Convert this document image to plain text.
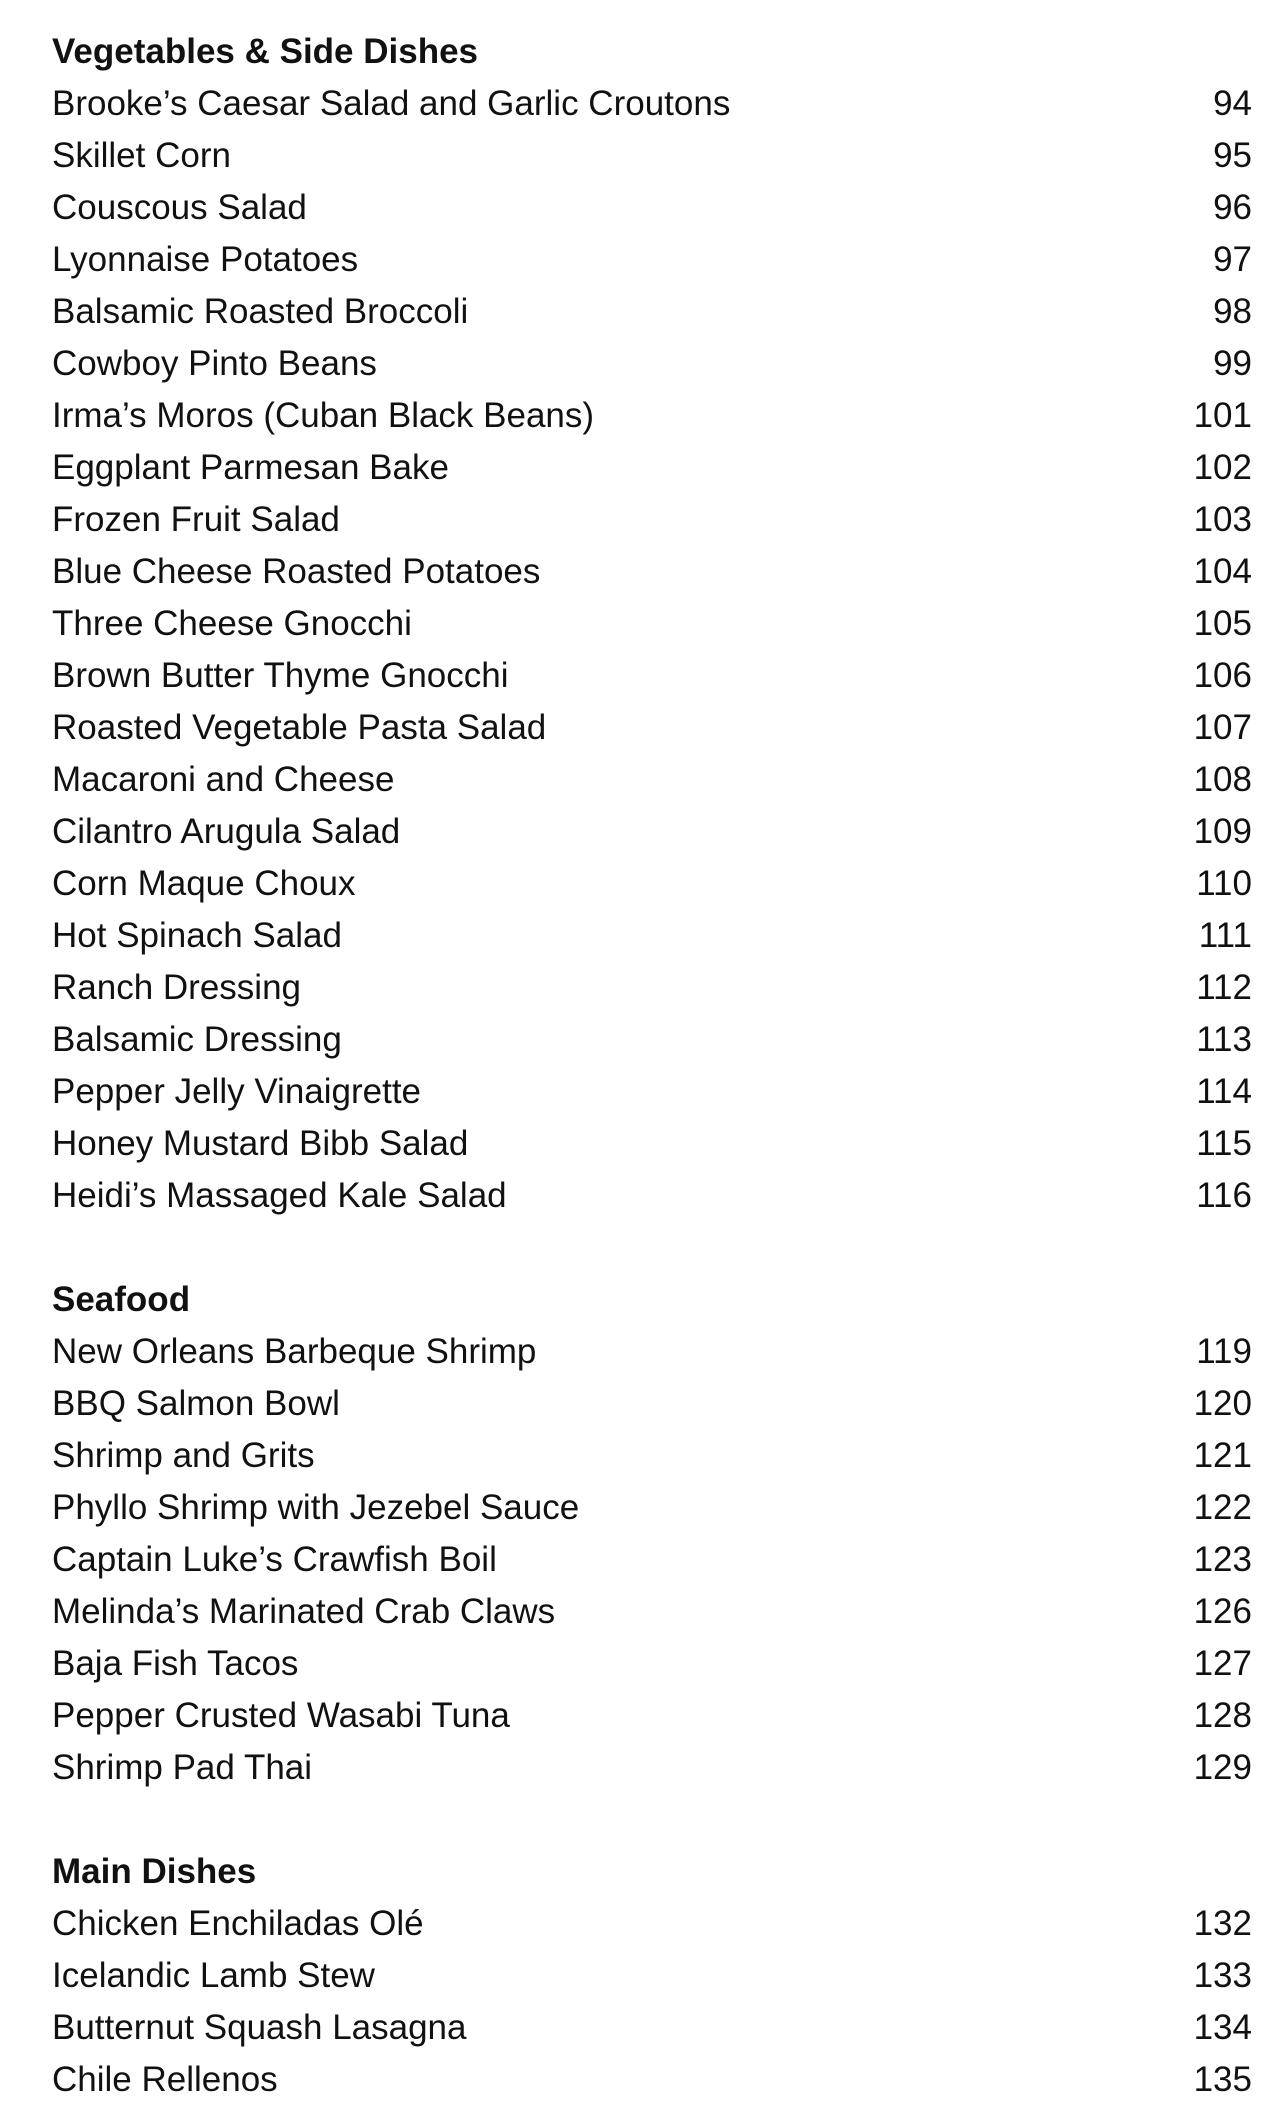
Vegetables & Side Dishes
Brooke’s Caesar Salad and Garlic Croutons	94
Skillet Corn	95
Couscous Salad	96
Lyonnaise Potatoes	97
Balsamic Roasted Broccoli	98
Cowboy Pinto Beans	99
Irma’s Moros (Cuban Black Beans)	101
Eggplant Parmesan Bake	102
Frozen Fruit Salad	103
Blue Cheese Roasted Potatoes	104
Three Cheese Gnocchi	105
Brown Butter Thyme Gnocchi	106
Roasted Vegetable Pasta Salad	107
Macaroni and Cheese	108
Cilantro Arugula Salad	109
Corn Maque Choux	110
Hot Spinach Salad	111
Ranch Dressing	112
Balsamic Dressing	113
Pepper Jelly Vinaigrette	114
Honey Mustard Bibb Salad	115
Heidi’s Massaged Kale Salad	116
Seafood
New Orleans Barbeque Shrimp	119
BBQ Salmon Bowl	120
Shrimp and Grits	121
Phyllo Shrimp with Jezebel Sauce	122
Captain Luke’s Crawfish Boil	123
Melinda’s Marinated Crab Claws	126
Baja Fish Tacos	127
Pepper Crusted Wasabi Tuna	128
Shrimp Pad Thai	129
Main Dishes
Chicken Enchiladas Olé	132
Icelandic Lamb Stew	133
Butternut Squash Lasagna	134
Chile Rellenos	135
